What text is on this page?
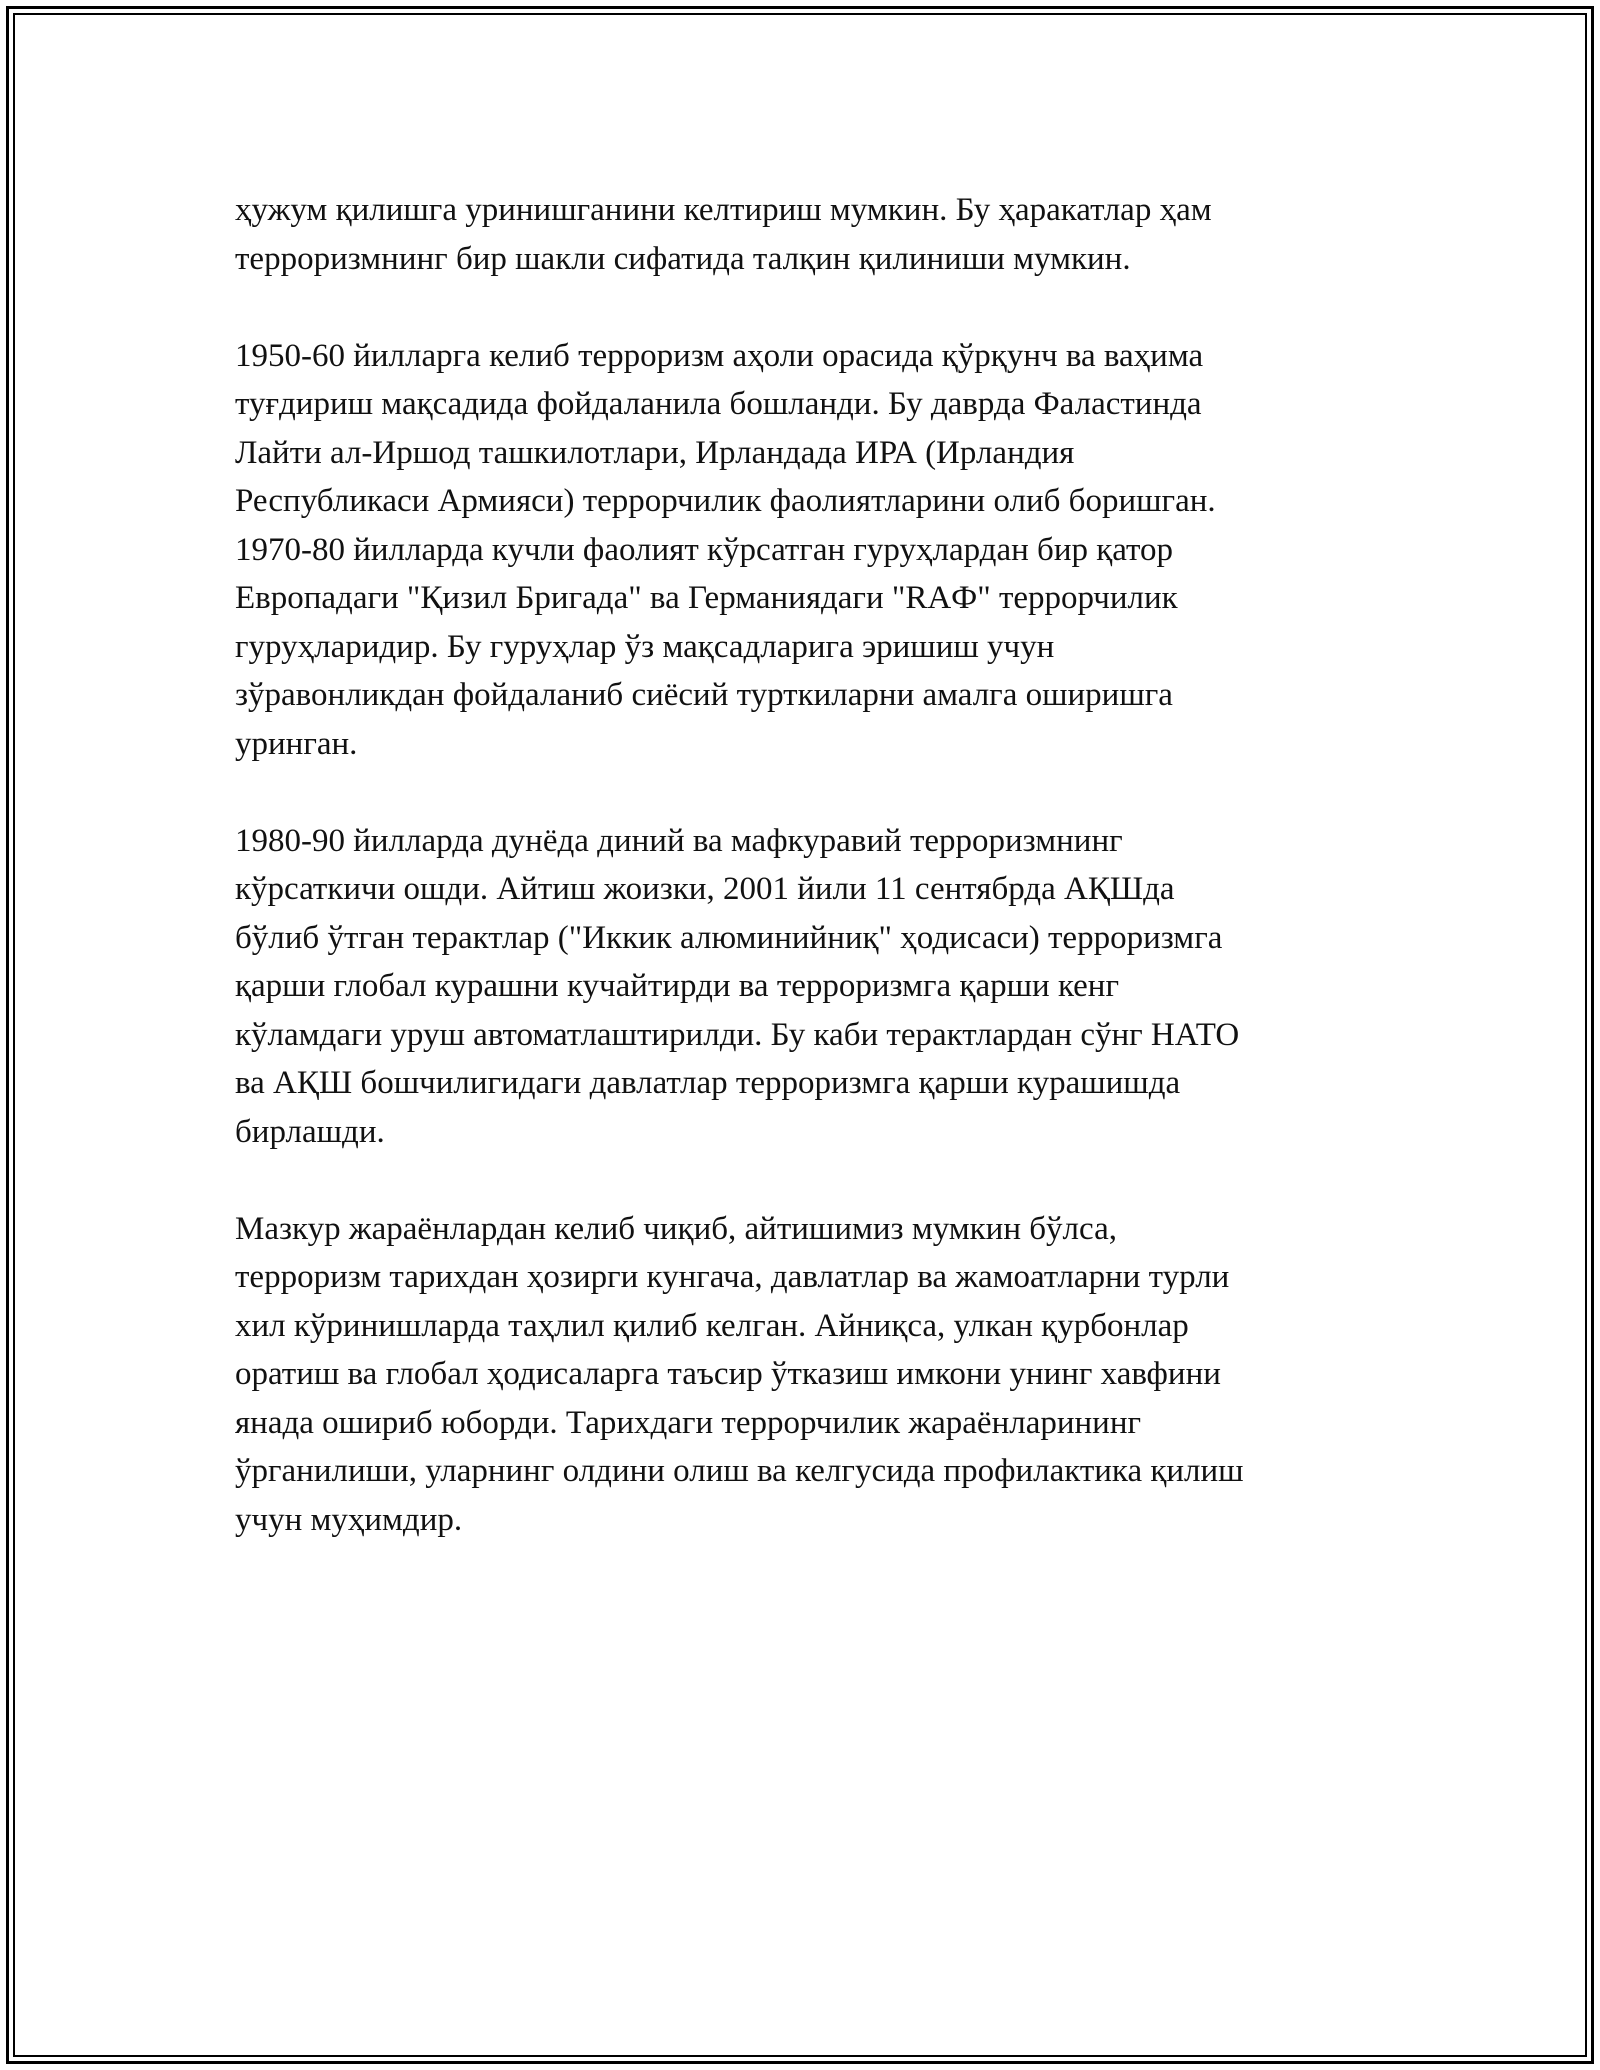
ҳужум қилишга уринишганини келтириш мумкин. Бу ҳаракатлар ҳам
терроризмнинг бир шакли сифатида талқин қилиниши мумкин.

1950-60 йилларга келиб терроризм аҳоли орасида қўрқунч ва ваҳима
туғдириш мақсадида фойдаланила бошланди. Бу даврда Фаластинда
Лайти ал-Иршод ташкилотлари, Ирландада ИРА (Ирландия
Республикаси Армияси) террорчилик фаолиятларини олиб боришган.
1970-80 йилларда кучли фаолият кўрсатган гуруҳлардан бир қатор
Европадаги "Қизил Бригада" ва Германиядаги "RAФ" террорчилик
гуруҳларидир. Бу гуруҳлар ўз мақсадларига эришиш учун
зўравонликдан фойдаланиб сиёсий турткиларни амалга оширишга
уринган.

1980-90 йилларда дунёда диний ва мафкуравий терроризмнинг
кўрсаткичи ошди. Айтиш жоизки, 2001 йили 11 сентябрда АҚШда
бўлиб ўтган терактлар ("Иккик алюминийниқ" ҳодисаси) терроризмга
қарши глобал курашни кучайтирди ва терроризмга қарши кенг
кўламдаги уруш автоматлаштирилди. Бу каби терактлардан сўнг НАТО
ва АҚШ бошчилигидаги давлатлар терроризмга қарши курашишда
бирлашди.

Мазкур жараёнлардан келиб чиқиб, айтишимиз мумкин бўлса,
терроризм тарихдан ҳозирги кунгача, давлатлар ва жамоатларни турли
хил кўринишларда таҳлил қилиб келган. Айниқса, улкан қурбонлар
оратиш ва глобал ҳодисаларга таъсир ўтказиш имкони унинг хавфини
янада ошириб юборди. Тарихдаги террорчилик жараёнларининг
ўрганилиши, уларнинг олдини олиш ва келгусида профилактика қилиш
учун муҳимдир.
